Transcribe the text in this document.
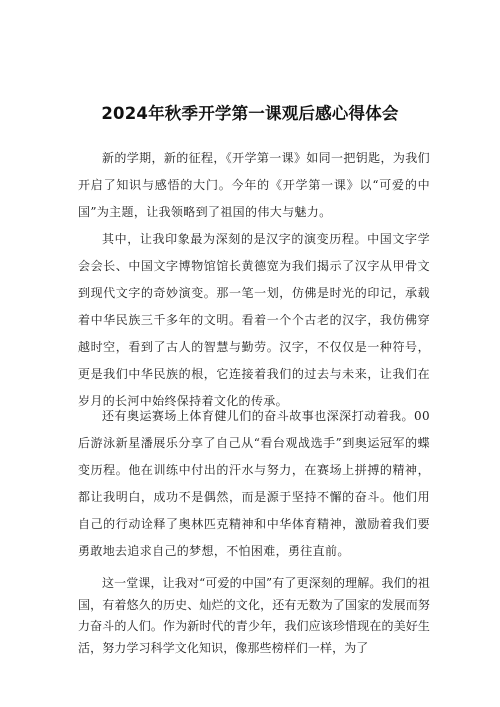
2024年秋季开学第一课观后感心得体会

新的学期，新的征程，《开学第一课》如同一把钥匙，为我们开启了知识与感悟的大门。今年的《开学第一课》以“可爱的中国”为主题，让我领略到了祖国的伟大与魅力。

其中，让我印象最为深刻的是汉字的演变历程。中国文字学会会长、中国文字博物馆馆长黄德宽为我们揭示了汉字从甲骨文到现代文字的奇妙演变。那一笔一划，仿佛是时光的印记，承载着中华民族三千多年的文明。看着一个个古老的汉字，我仿佛穿越时空，看到了古人的智慧与勤劳。汉字，不仅仅是一种符号，更是我们中华民族的根，它连接着我们的过去与未来，让我们在岁月的长河中始终保持着文化的传承。

还有奥运赛场上体育健儿们的奋斗故事也深深打动着我。00后游泳新星潘展乐分享了自己从“看台观战选手”到奥运冠军的蝶变历程。他在训练中付出的汗水与努力，在赛场上拼搏的精神，都让我明白，成功不是偶然，而是源于坚持不懈的奋斗。他们用自己的行动诠释了奥林匹克精神和中华体育精神，激励着我们要勇敢地去追求自己的梦想，不怕困难，勇往直前。

这一堂课，让我对“可爱的中国”有了更深刻的理解。我们的祖国，有着悠久的历史、灿烂的文化，还有无数为了国家的发展而努力奋斗的人们。作为新时代的青少年，我们应该珍惜现在的美好生活，努力学习科学文化知识，像那些榜样们一样，为了
